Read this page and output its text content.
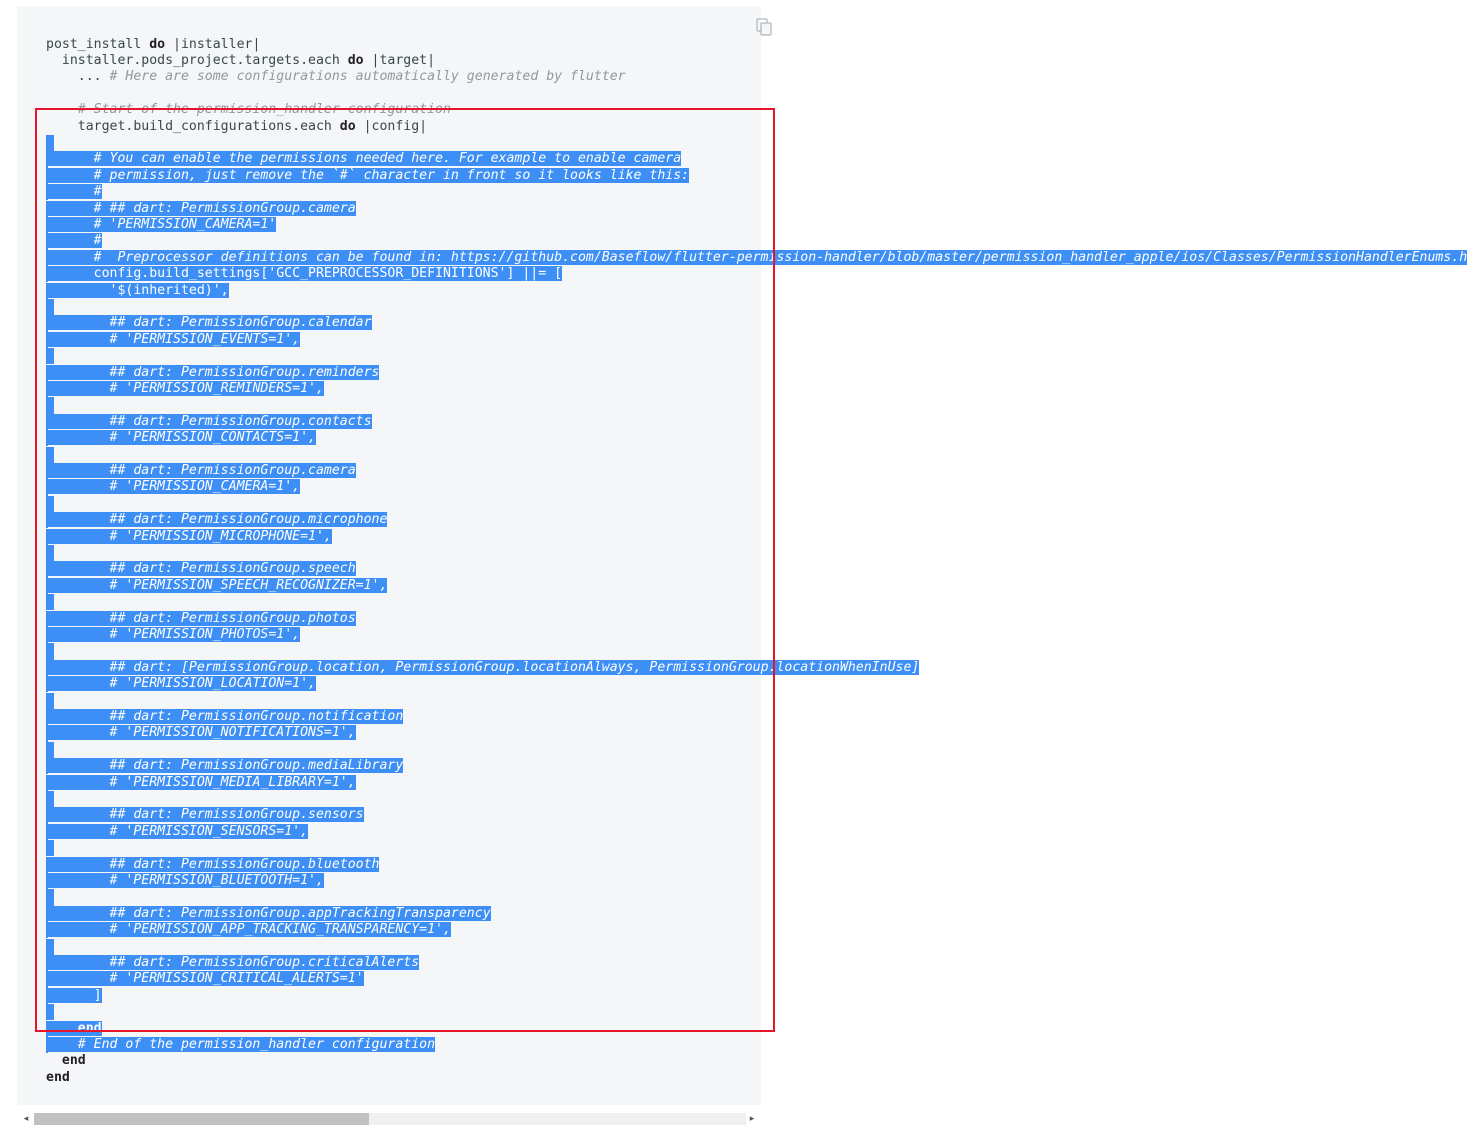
post_install do |installer|
installer.pods_project.targets.each do |target|
... # Here are some configurations automatically generated by flutter
# Start of the permission_handler configuration
target.build_configurations.each do |config|
# You can enable the permissions needed here. For example to enable camera
# permission, just remove the `#` character in front so it looks like this:
#
# ## dart: PermissionGroup.camera
# 'PERMISSION_CAMERA=1'
#
#  Preprocessor definitions can be found in: https://github.com/Baseflow/flutter-permission-handler/blob/master/permission_handler_apple/ios/Classes/PermissionHandlerEnums.h
config.build_settings['GCC_PREPROCESSOR_DEFINITIONS'] ||= [
'$(inherited)',
## dart: PermissionGroup.calendar
# 'PERMISSION_EVENTS=1',
## dart: PermissionGroup.reminders
# 'PERMISSION_REMINDERS=1',
## dart: PermissionGroup.contacts
# 'PERMISSION_CONTACTS=1',
## dart: PermissionGroup.camera
# 'PERMISSION_CAMERA=1',
## dart: PermissionGroup.microphone
# 'PERMISSION_MICROPHONE=1',
## dart: PermissionGroup.speech
# 'PERMISSION_SPEECH_RECOGNIZER=1',
## dart: PermissionGroup.photos
# 'PERMISSION_PHOTOS=1',
## dart: [PermissionGroup.location, PermissionGroup.locationAlways, PermissionGroup.locationWhenInUse]
# 'PERMISSION_LOCATION=1',
## dart: PermissionGroup.notification
# 'PERMISSION_NOTIFICATIONS=1',
## dart: PermissionGroup.mediaLibrary
# 'PERMISSION_MEDIA_LIBRARY=1',
## dart: PermissionGroup.sensors
# 'PERMISSION_SENSORS=1',
## dart: PermissionGroup.bluetooth
# 'PERMISSION_BLUETOOTH=1',
## dart: PermissionGroup.appTrackingTransparency
# 'PERMISSION_APP_TRACKING_TRANSPARENCY=1',
## dart: PermissionGroup.criticalAlerts
# 'PERMISSION_CRITICAL_ALERTS=1'
]
end
# End of the permission_handler configuration
end
end
◂	▸
